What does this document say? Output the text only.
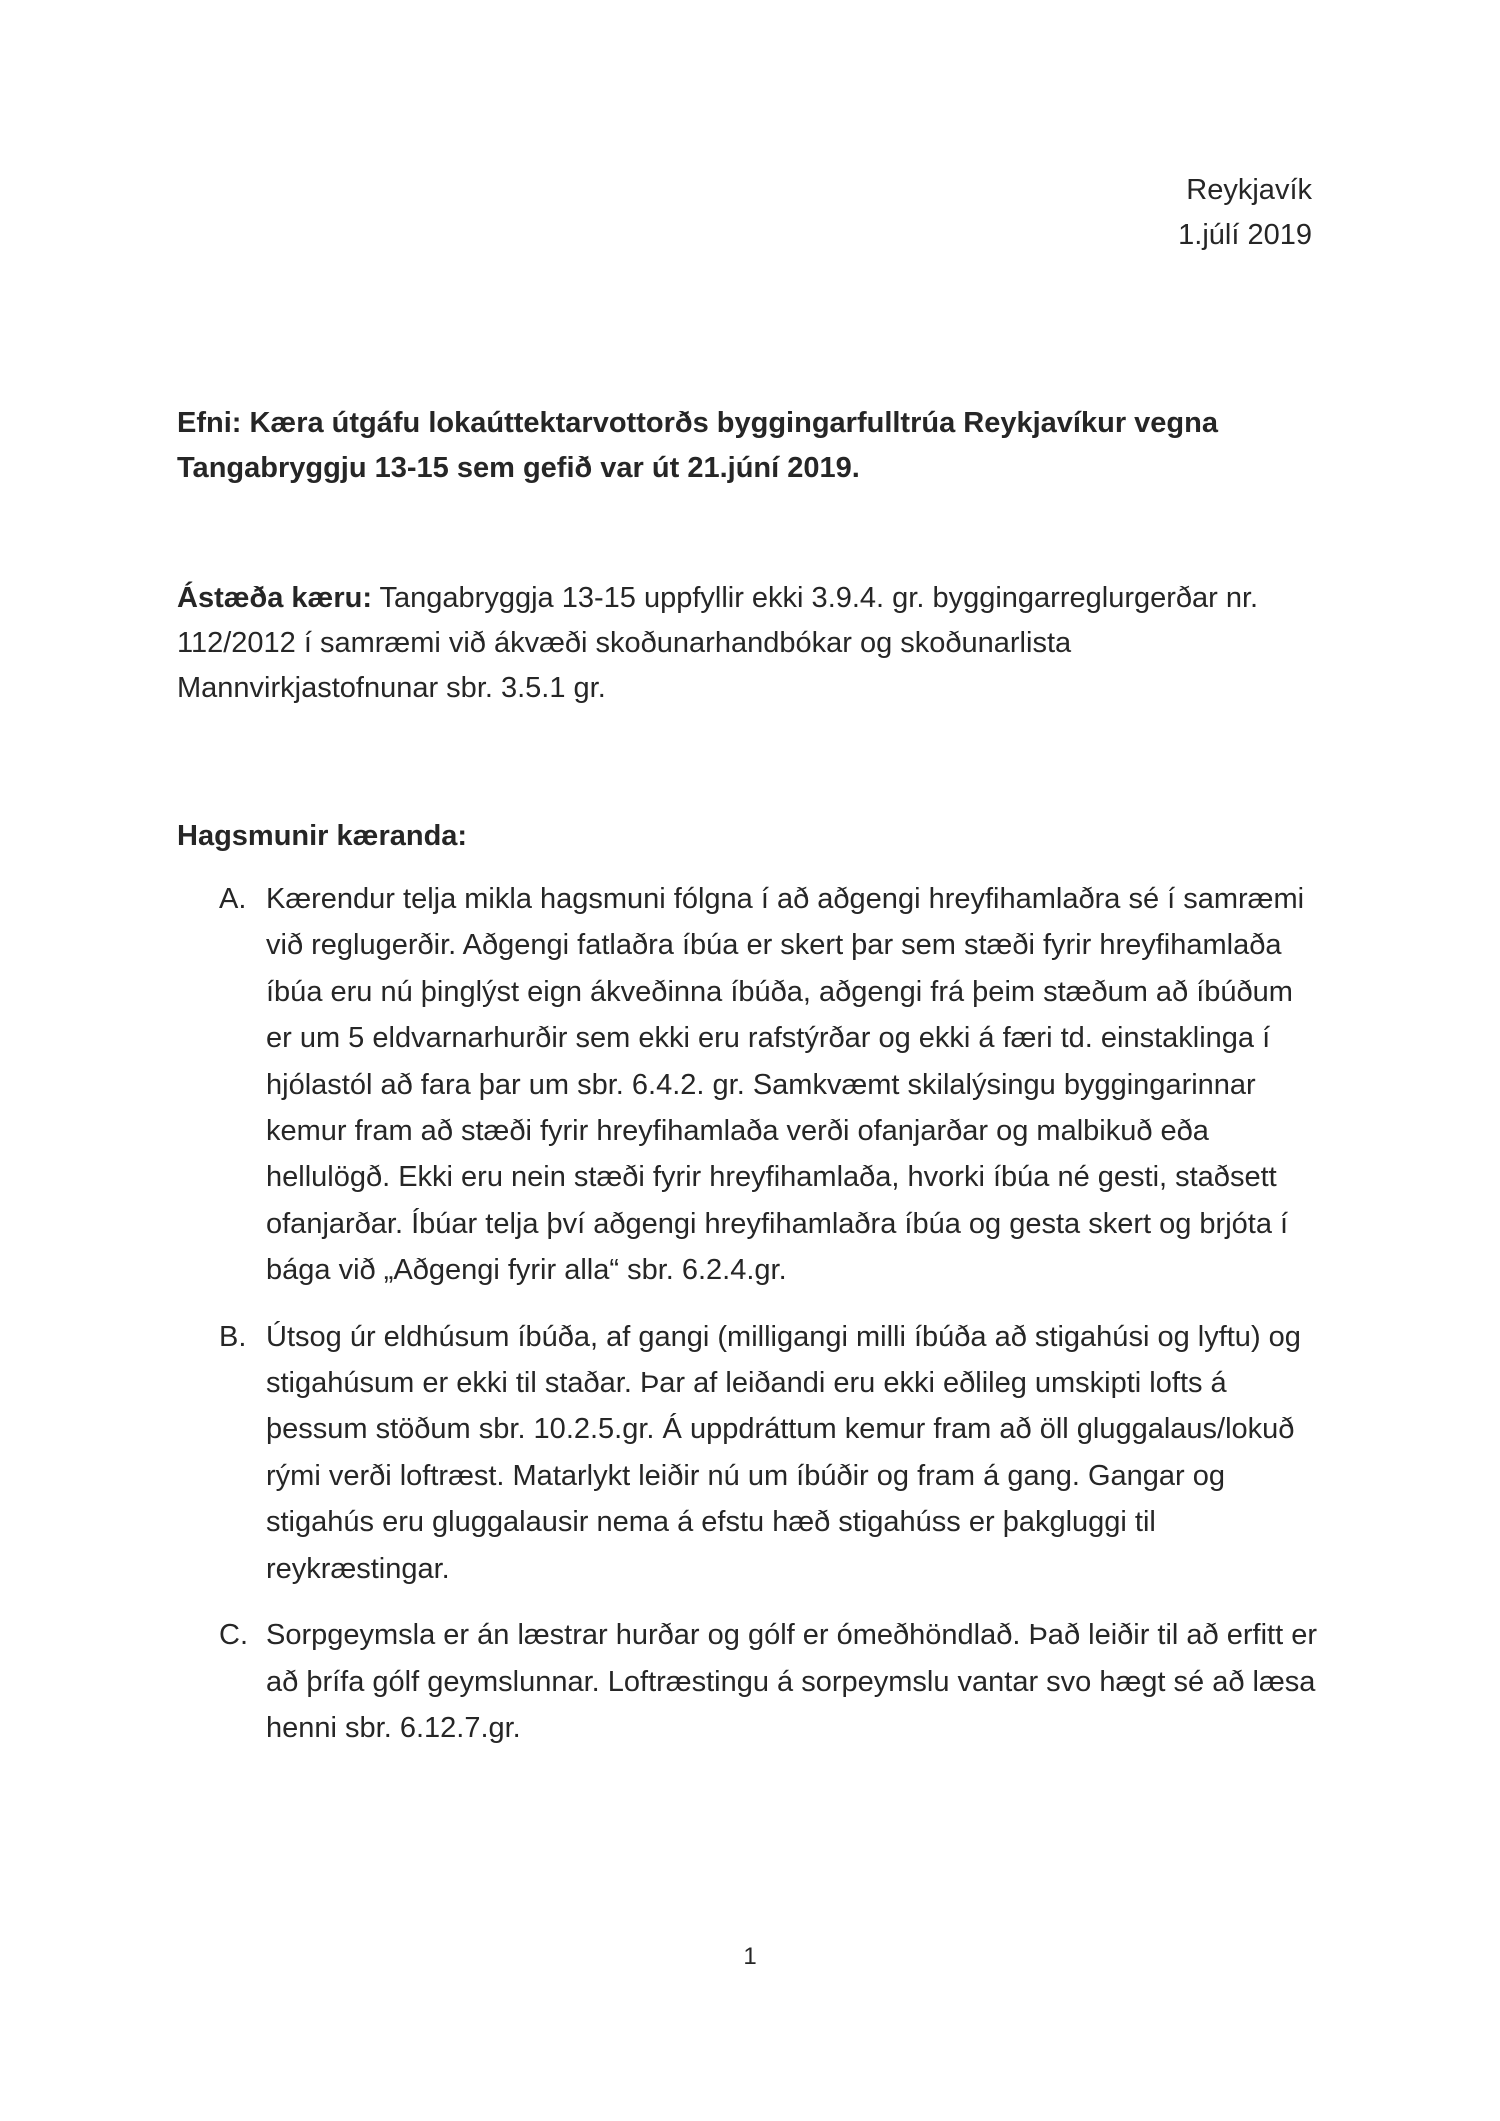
Reykjavík
1.júlí 2019
Efni: Kæra útgáfu lokaúttektarvottorðs byggingarfulltrúa Reykjavíkur vegna Tangabryggju 13-15 sem gefið var út 21.júní 2019.
Ástæða kæru: Tangabryggja 13-15 uppfyllir ekki 3.9.4. gr. byggingarreglurgerðar nr. 112/2012 í samræmi við ákvæði skoðunarhandbókar og skoðunarlista Mannvirkjastofnunar sbr. 3.5.1 gr.
Hagsmunir kæranda:
A. Kærendur telja mikla hagsmuni fólgna í að aðgengi hreyfihamlaðra sé í samræmi við reglugerðir. Aðgengi fatlaðra íbúa er skert þar sem stæði fyrir hreyfihamlaða íbúa eru nú þinglýst eign ákveðinna íbúða, aðgengi frá þeim stæðum að íbúðum er um 5 eldvarnarhurðir sem ekki eru rafstýrðar og ekki á færi td. einstaklinga í hjólastól að fara þar um sbr. 6.4.2. gr. Samkvæmt skilalýsingu byggingarinnar kemur fram að stæði fyrir hreyfihamlaða verði ofanjarðar og malbikuð eða hellulögð. Ekki eru nein stæði fyrir hreyfihamlaða, hvorki íbúa né gesti, staðsett ofanjarðar. Íbúar telja því aðgengi hreyfihamlaðra íbúa og gesta skert og brjóta í bága við „Aðgengi fyrir alla“ sbr. 6.2.4.gr.
B. Útsog úr eldhúsum íbúða, af gangi (milligangi milli íbúða að stigahúsi og lyftu) og stigahúsum er ekki til staðar. Þar af leiðandi eru ekki eðlileg umskipti lofts á þessum stöðum sbr. 10.2.5.gr. Á uppdráttum kemur fram að öll gluggalaus/lokuð rými verði loftræst. Matarlykt leiðir nú um íbúðir og fram á gang. Gangar og stigahús eru gluggalausir nema á efstu hæð stigahúss er þakgluggi til reykræstingar.
C. Sorpgeymsla er án læstrar hurðar og gólf er ómeðhöndlað. Það leiðir til að erfitt er að þrífa gólf geymslunnar. Loftræstingu á sorpeymslu vantar svo hægt sé að læsa henni sbr. 6.12.7.gr.
1
